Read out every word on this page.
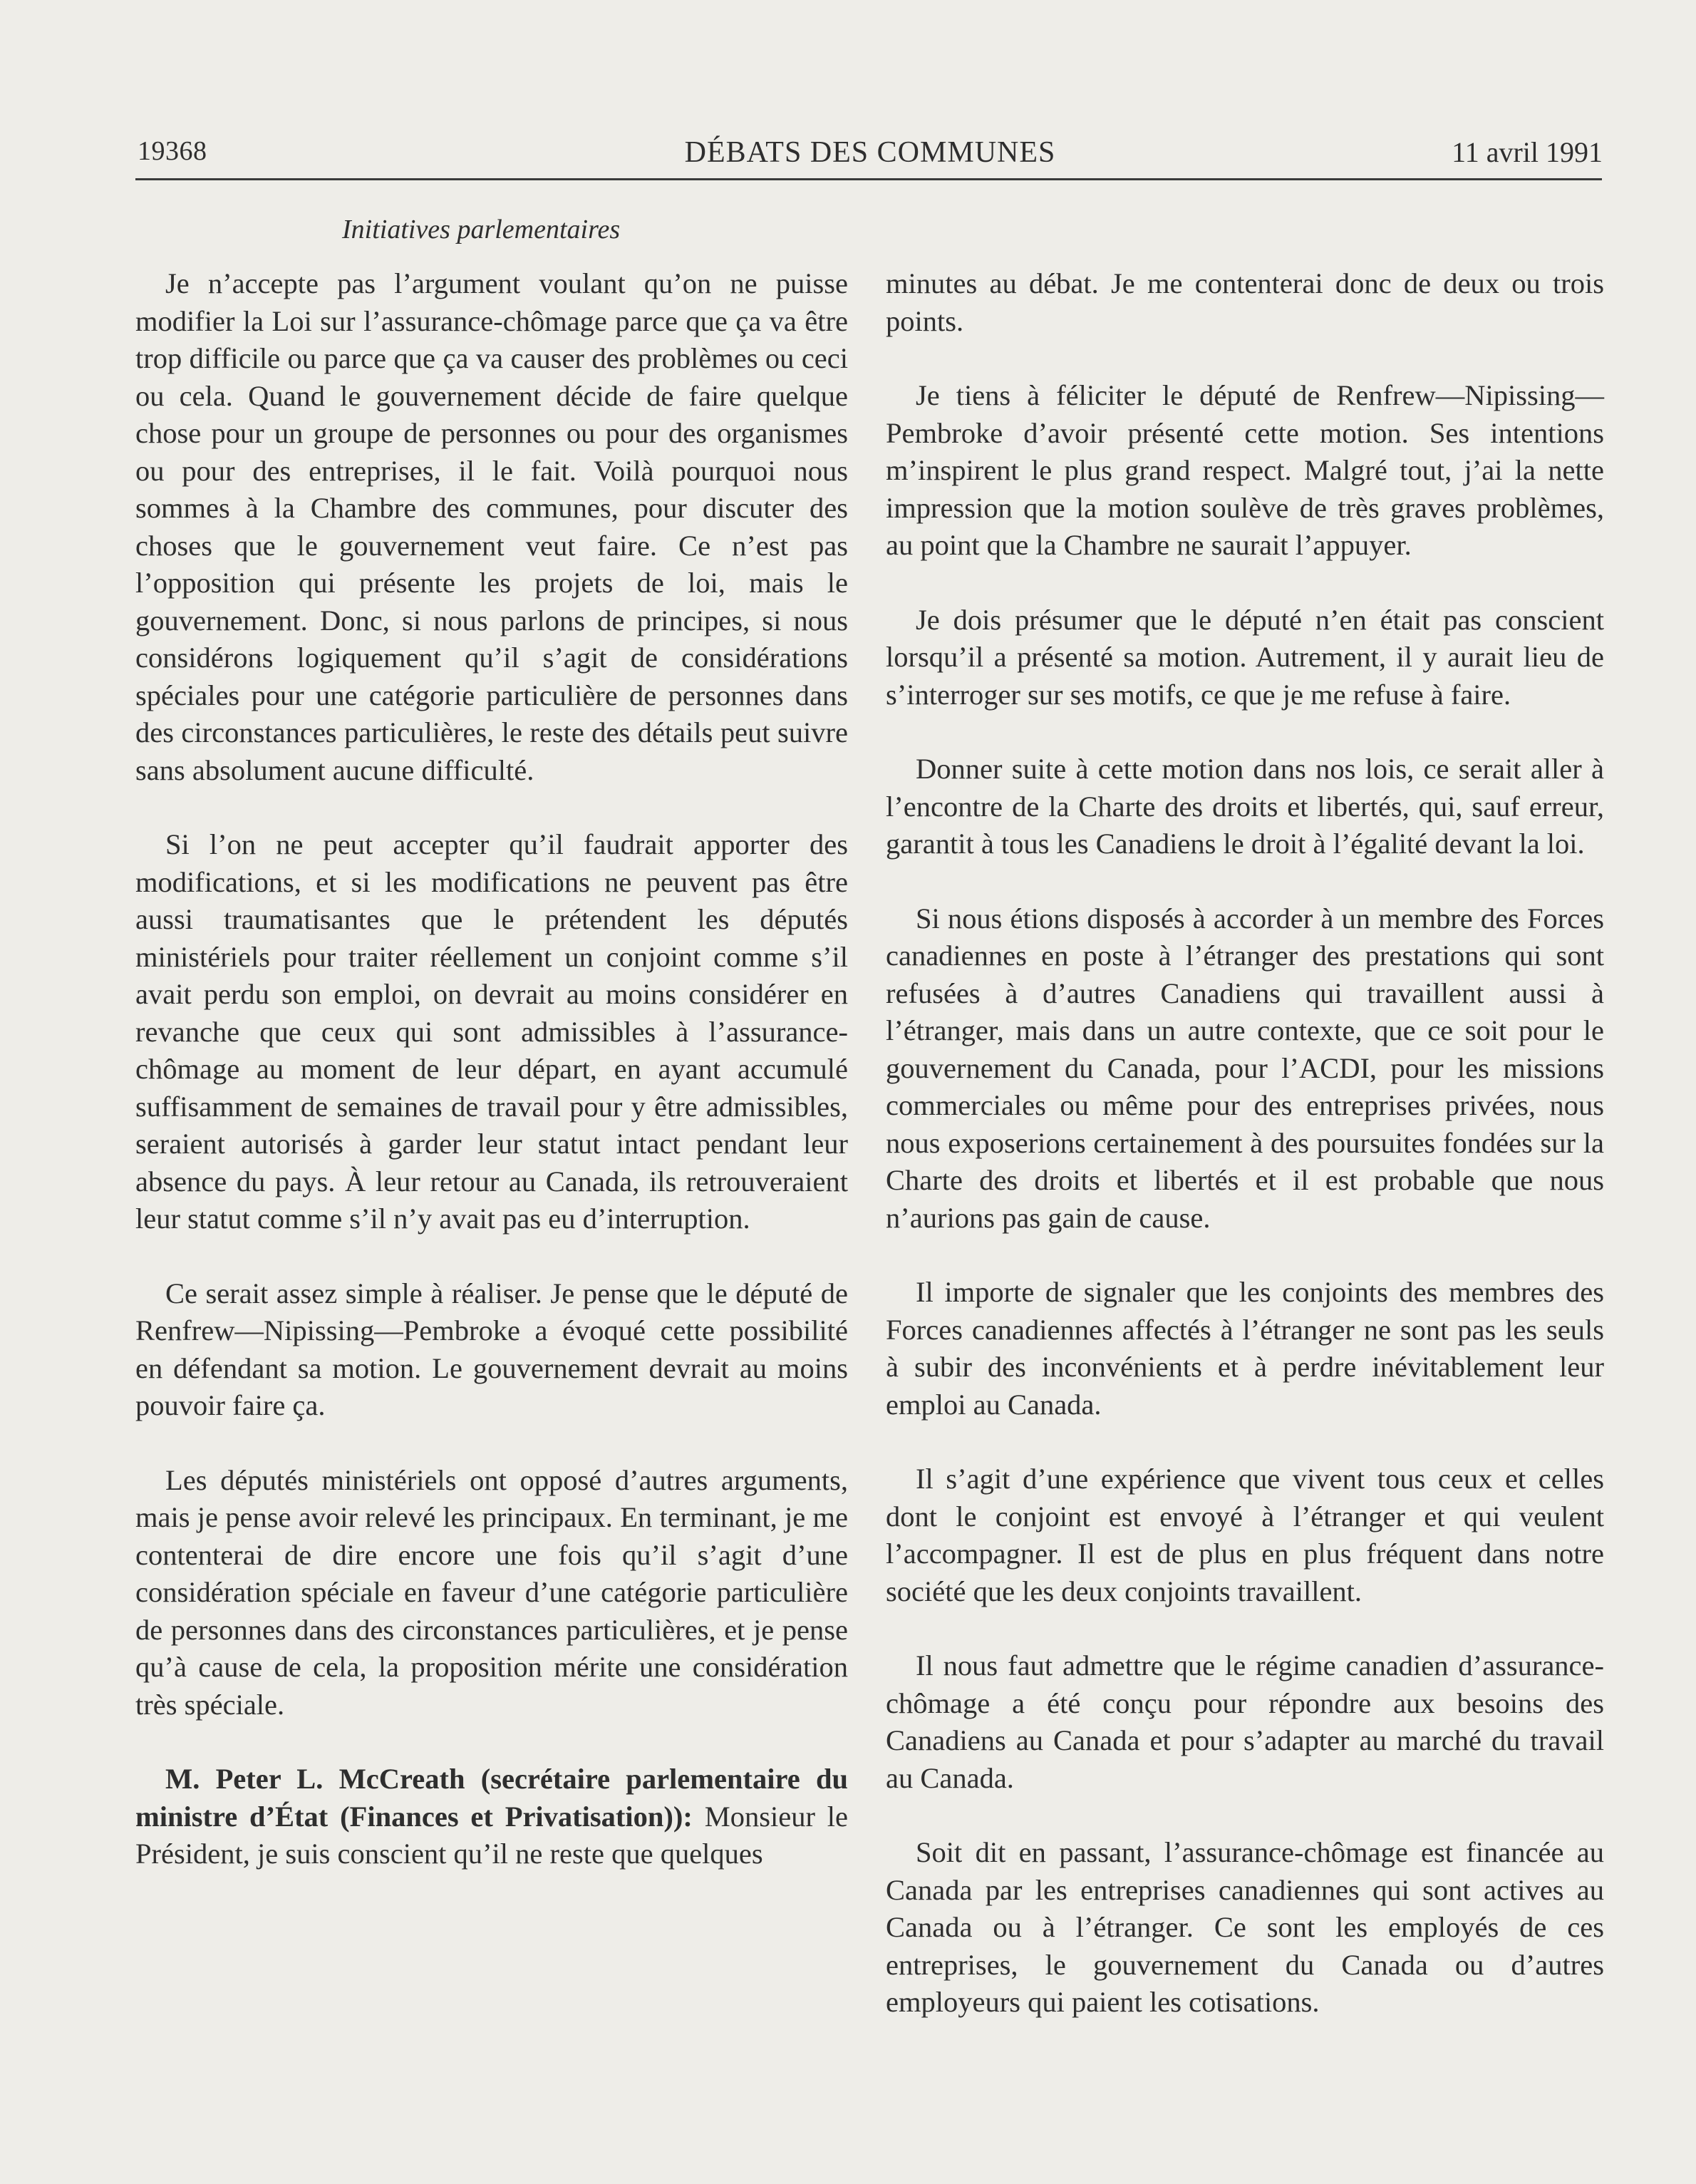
19368	DÉBATS DES COMMUNES	11 avril 1991
Initiatives parlementaires

Je n’accepte pas l’argument voulant qu’on ne puisse modifier la Loi sur l’assurance-chômage parce que ça va être trop difficile ou parce que ça va causer des problèmes ou ceci ou cela. Quand le gouvernement décide de faire quelque chose pour un groupe de personnes ou pour des organismes ou pour des entreprises, il le fait. Voilà pourquoi nous sommes à la Chambre des communes, pour discuter des choses que le gouvernement veut faire. Ce n’est pas l’opposition qui présente les projets de loi, mais le gouvernement. Donc, si nous parlons de principes, si nous considérons logiquement qu’il s’agit de considérations spéciales pour une catégorie particulière de personnes dans des circonstances particulières, le reste des détails peut suivre sans absolument aucune difficulté.

Si l’on ne peut accepter qu’il faudrait apporter des modifications, et si les modifications ne peuvent pas être aussi traumatisantes que le prétendent les députés ministériels pour traiter réellement un conjoint comme s’il avait perdu son emploi, on devrait au moins considérer en revanche que ceux qui sont admissibles à l’assurance-chômage au moment de leur départ, en ayant accumulé suffisamment de semaines de travail pour y être admissibles, seraient autorisés à garder leur statut intact pendant leur absence du pays. À leur retour au Canada, ils retrouveraient leur statut comme s’il n’y avait pas eu d’interruption.

Ce serait assez simple à réaliser. Je pense que le député de Renfrew—Nipissing—Pembroke a évoqué cette possibilité en défendant sa motion. Le gouvernement devrait au moins pouvoir faire ça.

Les députés ministériels ont opposé d’autres arguments, mais je pense avoir relevé les principaux. En terminant, je me contenterai de dire encore une fois qu’il s’agit d’une considération spéciale en faveur d’une catégorie particulière de personnes dans des circonstances particulières, et je pense qu’à cause de cela, la proposition mérite une considération très spéciale.

M. Peter L. McCreath (secrétaire parlementaire du ministre d’État (Finances et Privatisation)): Monsieur le Président, je suis conscient qu’il ne reste que quelques

minutes au débat. Je me contenterai donc de deux ou trois points.

Je tiens à féliciter le député de Renfrew—Nipissing—Pembroke d’avoir présenté cette motion. Ses intentions m’inspirent le plus grand respect. Malgré tout, j’ai la nette impression que la motion soulève de très graves problèmes, au point que la Chambre ne saurait l’appuyer.

Je dois présumer que le député n’en était pas conscient lorsqu’il a présenté sa motion. Autrement, il y aurait lieu de s’interroger sur ses motifs, ce que je me refuse à faire.

Donner suite à cette motion dans nos lois, ce serait aller à l’encontre de la Charte des droits et libertés, qui, sauf erreur, garantit à tous les Canadiens le droit à l’égalité devant la loi.

Si nous étions disposés à accorder à un membre des Forces canadiennes en poste à l’étranger des prestations qui sont refusées à d’autres Canadiens qui travaillent aussi à l’étranger, mais dans un autre contexte, que ce soit pour le gouvernement du Canada, pour l’ACDI, pour les missions commerciales ou même pour des entreprises privées, nous nous exposerions certainement à des poursuites fondées sur la Charte des droits et libertés et il est probable que nous n’aurions pas gain de cause.

Il importe de signaler que les conjoints des membres des Forces canadiennes affectés à l’étranger ne sont pas les seuls à subir des inconvénients et à perdre inévitablement leur emploi au Canada.

Il s’agit d’une expérience que vivent tous ceux et celles dont le conjoint est envoyé à l’étranger et qui veulent l’accompagner. Il est de plus en plus fréquent dans notre société que les deux conjoints travaillent.

Il nous faut admettre que le régime canadien d’assurance-chômage a été conçu pour répondre aux besoins des Canadiens au Canada et pour s’adapter au marché du travail au Canada.

Soit dit en passant, l’assurance-chômage est financée au Canada par les entreprises canadiennes qui sont actives au Canada ou à l’étranger. Ce sont les employés de ces entreprises, le gouvernement du Canada ou d’autres employeurs qui paient les cotisations.
